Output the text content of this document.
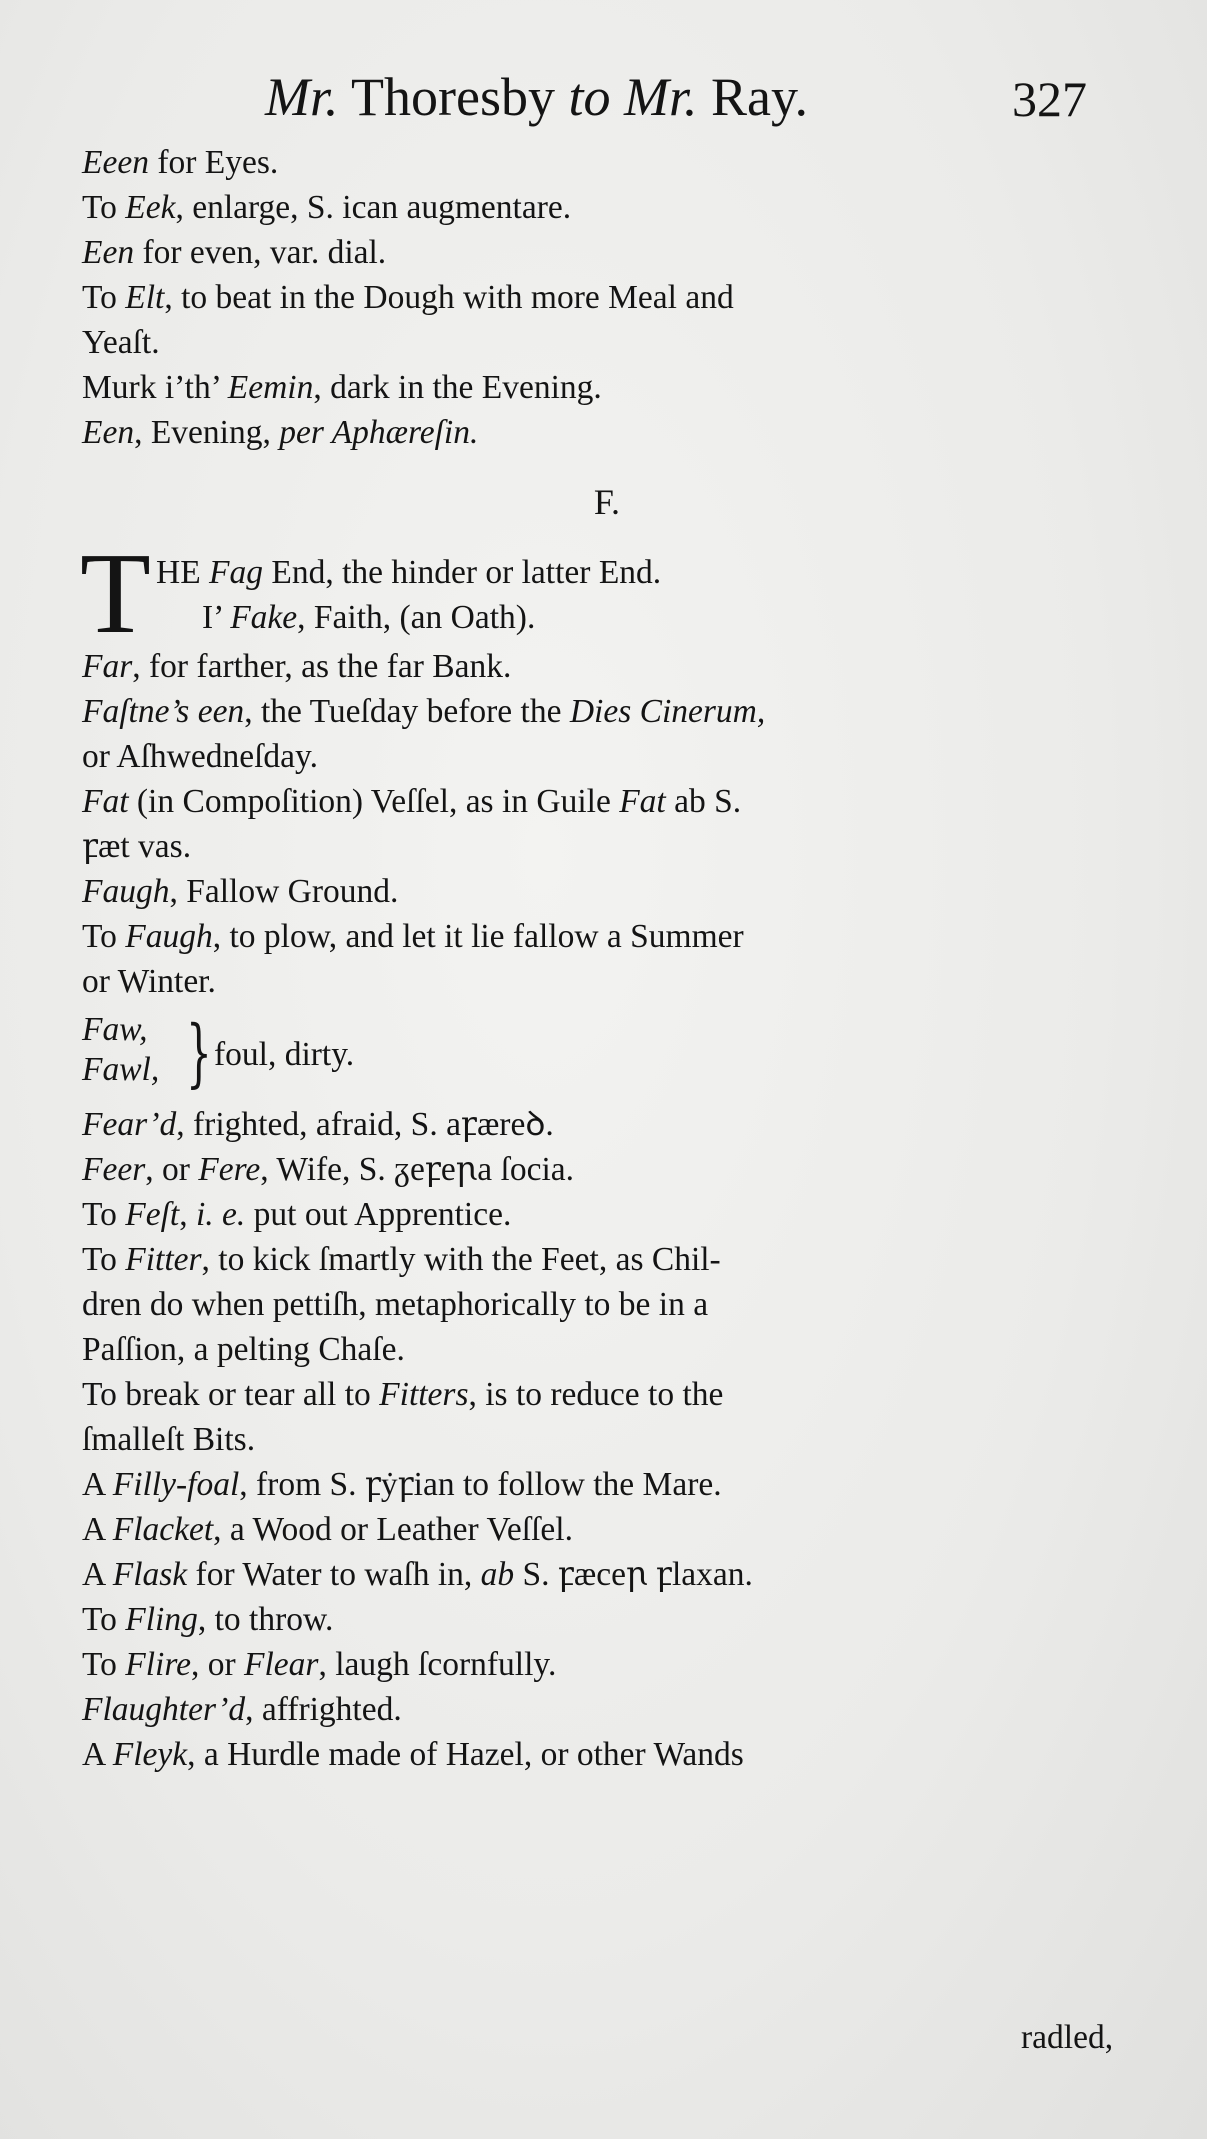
Mr. Thoresby to Mr. Ray.	327
Eeen for Eyes.
To Eek, enlarge, S. ican augmentare.
Een for even, var. dial.
To Elt, to beat in the Dough with more Meal and
Yeaſt.
Murk i’th’ Eemin, dark in the Evening.
Een, Evening, per Aphæreſin.
F.
T HE Fag End, the hinder or latter End.
I’ Fake, Faith, (an Oath).
Far, for farther, as the far Bank.
Faſtne’s een, the Tueſday before the Dies Cinerum,
or Aſhwedneſday.
Fat (in Compoſition) Veſſel, as in Guile Fat ab S.
ꝼæt vas.
Faugh, Fallow Ground.
To Faugh, to plow, and let it lie fallow a Summer
or Winter.
Faw,
Fawl, } foul, dirty.
Fear’d, frighted, afraid, S. aꝼæreꝺ.
Feer, or Fere, Wife, S. ᵹeꝼeꞃa ſocia.
To Feſt, i. e. put out Apprentice.
To Fitter, to kick ſmartly with the Feet, as Chil-
dren do when pettiſh, metaphorically to be in a
Paſſion, a pelting Chaſe.
To break or tear all to Fitters, is to reduce to the
ſmalleſt Bits.
A Filly-foal, from S. ꝼẏꝼian to follow the Mare.
A Flacket, a Wood or Leather Veſſel.
A Flask for Water to waſh in, ab S. ꝼæceꞃ ꝼlaxan.
To Fling, to throw.
To Flire, or Flear, laugh ſcornfully.
Flaughter’d, affrighted.
A Fleyk, a Hurdle made of Hazel, or other Wands
radled,
